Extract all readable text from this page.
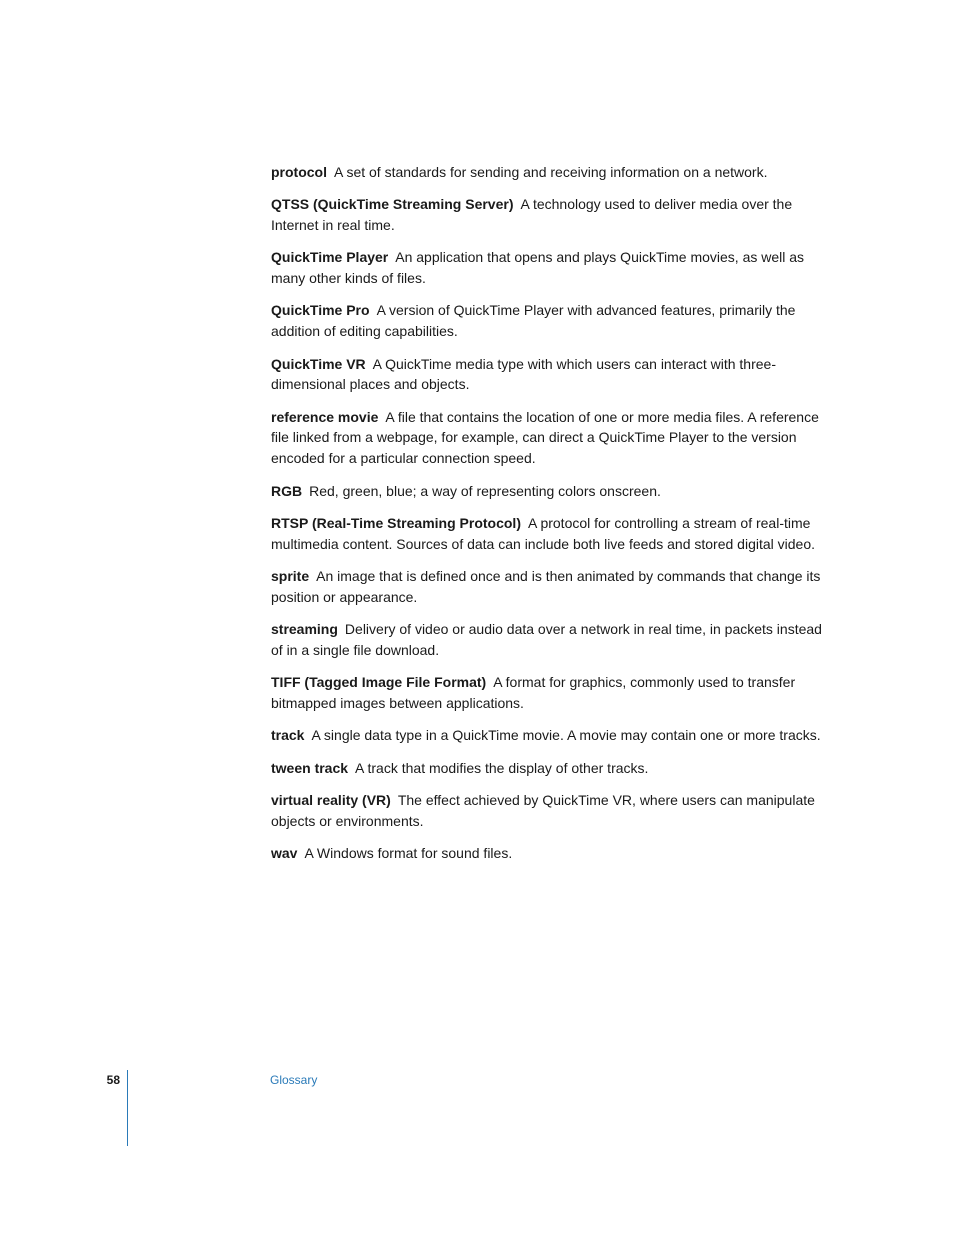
protocol A set of standards for sending and receiving information on a network.

QTSS (QuickTime Streaming Server) A technology used to deliver media over the Internet in real time.

QuickTime Player An application that opens and plays QuickTime movies, as well as many other kinds of files.

QuickTime Pro A version of QuickTime Player with advanced features, primarily the addition of editing capabilities.

QuickTime VR A QuickTime media type with which users can interact with three-dimensional places and objects.

reference movie A file that contains the location of one or more media files. A reference file linked from a webpage, for example, can direct a QuickTime Player to the version encoded for a particular connection speed.

RGB Red, green, blue; a way of representing colors onscreen.

RTSP (Real-Time Streaming Protocol) A protocol for controlling a stream of real-time multimedia content. Sources of data can include both live feeds and stored digital video.

sprite An image that is defined once and is then animated by commands that change its position or appearance.

streaming Delivery of video or audio data over a network in real time, in packets instead of in a single file download.

TIFF (Tagged Image File Format) A format for graphics, commonly used to transfer bitmapped images between applications.

track A single data type in a QuickTime movie. A movie may contain one or more tracks.

tween track A track that modifies the display of other tracks.

virtual reality (VR) The effect achieved by QuickTime VR, where users can manipulate objects or environments.

wav A Windows format for sound files.

58	Glossary
